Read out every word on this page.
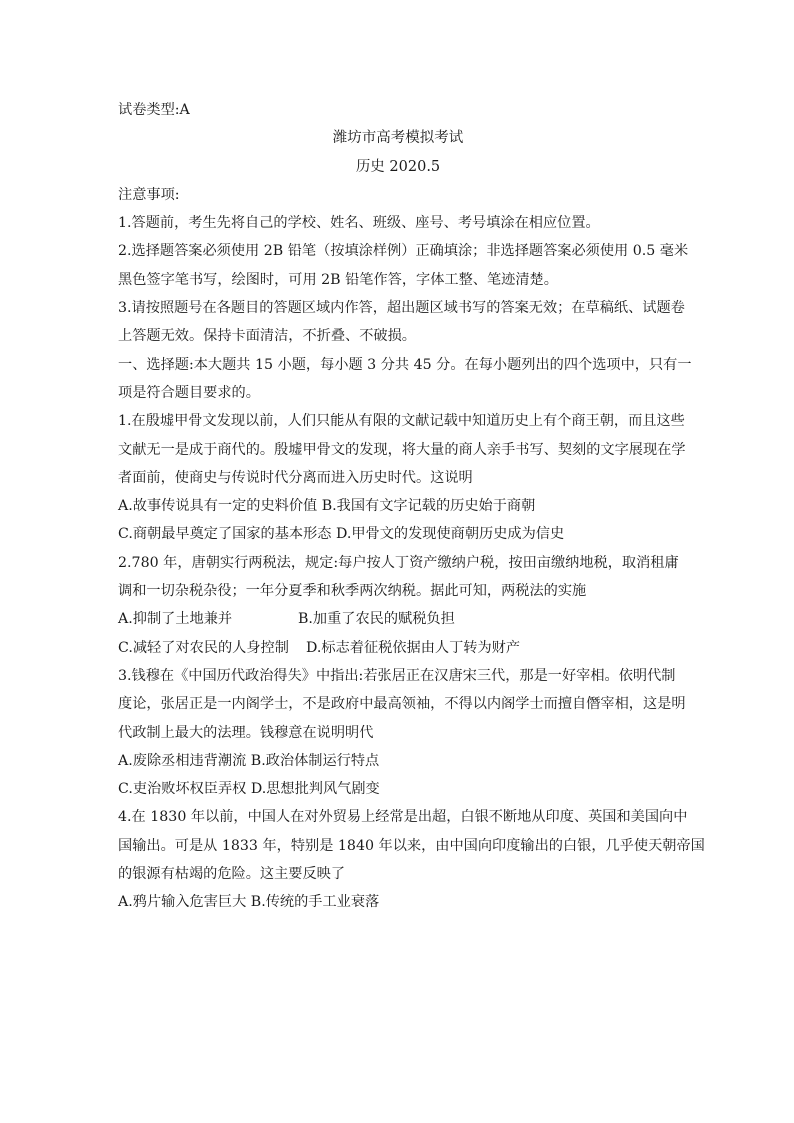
试卷类型:A
潍坊市高考模拟考试
历史 2020.5
注意事项:
1.答题前，考生先将自己的学校、姓名、班级、座号、考号填涂在相应位置。
2.选择题答案必须使用 2B 铅笔（按填涂样例）正确填涂；非选择题答案必须使用 0.5 毫米
黑色签字笔书写，绘图时，可用 2B 铅笔作答，字体工整、笔迹清楚。
3.请按照题号在各题目的答题区域内作答，超出题区域书写的答案无效；在草稿纸、试题卷
上答题无效。保持卡面清洁，不折叠、不破损。
一、选择题:本大题共 15 小题，每小题 3 分共 45 分。在每小题列出的四个选项中，只有一
项是符合题目要求的。
1.在殷墟甲骨文发现以前，人们只能从有限的文献记载中知道历史上有个商王朝，而且这些
文献无一是成于商代的。殷墟甲骨文的发现，将大量的商人亲手书写、契刻的文字展现在学
者面前，使商史与传说时代分离而进入历史时代。这说明
A.故事传说具有一定的史料价值 B.我国有文字记载的历史始于商朝
C.商朝最早奠定了国家的基本形态 D.甲骨文的发现使商朝历史成为信史
2.780 年，唐朝实行两税法，规定:每户按人丁资产缴纳户税，按田亩缴纳地税，取消租庸
调和一切杂税杂役；一年分夏季和秋季两次纳税。据此可知，两税法的实施
A.抑制了土地兼并	B.加重了农民的赋税负担
C.减轻了对农民的人身控制 D.标志着征税依据由人丁转为财产
3.钱穆在《中国历代政治得失》中指出:若张居正在汉唐宋三代，那是一好宰相。依明代制
度论，张居正是一内阁学士，不是政府中最高领袖，不得以内阁学士而擅自僭宰相，这是明
代政制上最大的法理。钱穆意在说明明代
A.废除丞相违背潮流 B.政治体制运行特点
C.吏治败坏权臣弄权 D.思想批判风气剧变
4.在 1830 年以前，中国人在对外贸易上经常是出超，白银不断地从印度、英国和美国向中
国输出。可是从 1833 年，特别是 1840 年以来，由中国向印度输出的白银，几乎使天朝帝国
的银源有枯竭的危险。这主要反映了
A.鸦片输入危害巨大 B.传统的手工业衰落
